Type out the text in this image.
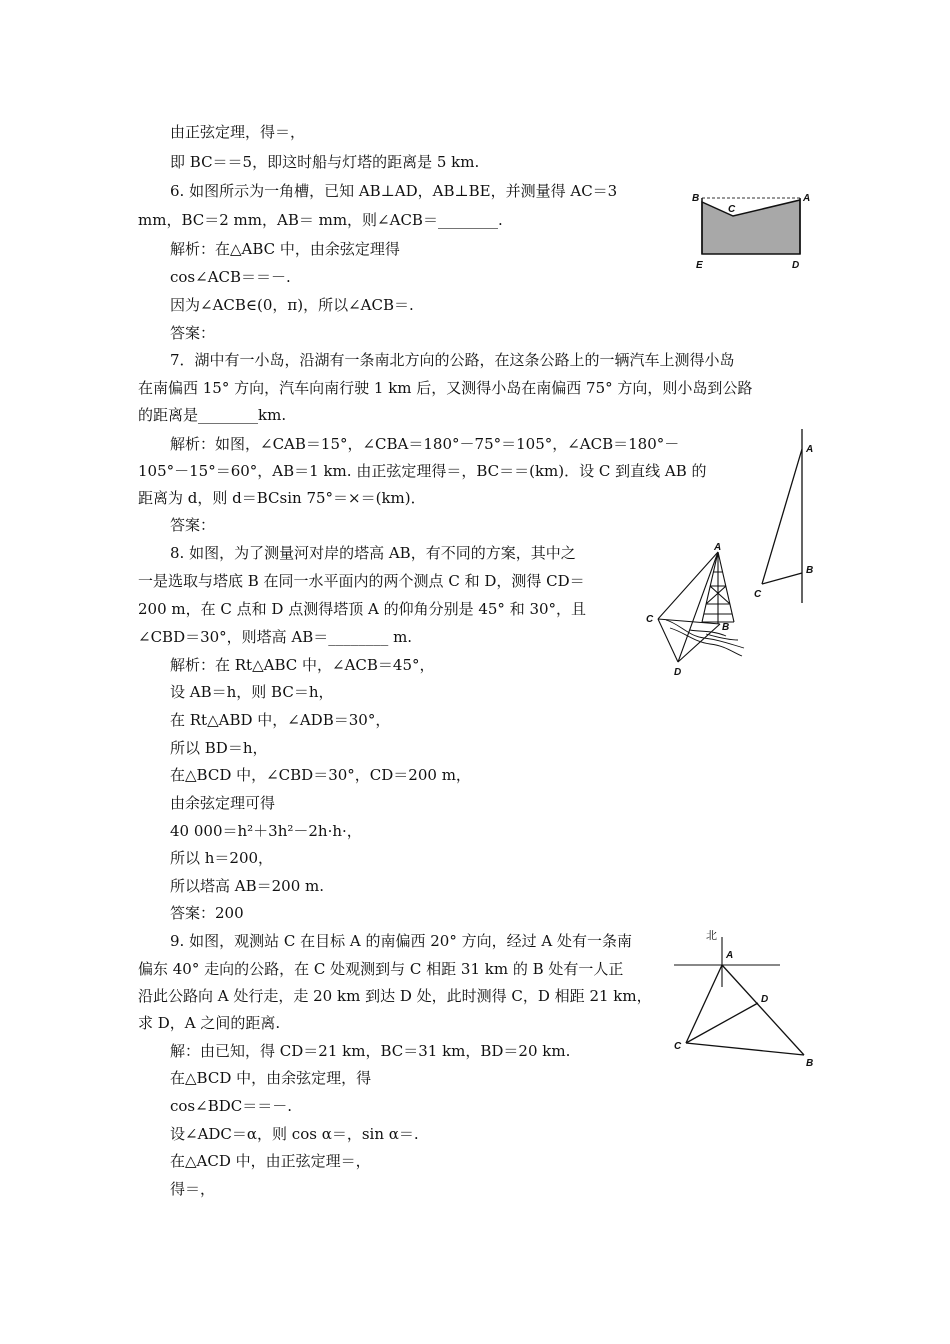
由正弦定理，得＝，
即 BC＝＝5，即这时船与灯塔的距离是 5 km.
6. 如图所示为一角槽，已知 AB⊥AD，AB⊥BE，并测量得 AC＝3
mm，BC＝2 mm，AB＝ mm，则∠ACB＝________.
解析：在△ABC 中，由余弦定理得
cos∠ACB＝＝－.
因为∠ACB∈(0，π)，所以∠ACB＝.
答案：
7．湖中有一小岛，沿湖有一条南北方向的公路，在这条公路上的一辆汽车上测得小岛
在南偏西 15° 方向，汽车向南行驶 1 km 后，又测得小岛在南偏西 75° 方向，则小岛到公路
的距离是________km.
解析：如图，∠CAB＝15°，∠CBA＝180°－75°＝105°，∠ACB＝180°－
105°－15°＝60°，AB＝1 km. 由正弦定理得＝，BC＝＝(km)．设 C 到直线 AB 的
距离为 d，则 d＝BCsin 75°＝×＝(km)．
答案：
8. 如图，为了测量河对岸的塔高 AB，有不同的方案，其中之
一是选取与塔底 B 在同一水平面内的两个测点 C 和 D，测得 CD＝
200 m，在 C 点和 D 点测得塔顶 A 的仰角分别是 45° 和 30°，且
∠CBD＝30°，则塔高 AB＝________ m.
解析：在 Rt△ABC 中，∠ACB＝45°，
设 AB＝h，则 BC＝h，
在 Rt△ABD 中，∠ADB＝30°，
所以 BD＝h，
在△BCD 中，∠CBD＝30°，CD＝200 m，
由余弦定理可得
40 000＝h²＋3h²－2h·h·，
所以 h＝200，
所以塔高 AB＝200 m.
答案：200
9. 如图，观测站 C 在目标 A 的南偏西 20° 方向，经过 A 处有一条南
偏东 40° 走向的公路，在 C 处观测到与 C 相距 31 km 的 B 处有一人正
沿此公路向 A 处行走，走 20 km 到达 D 处，此时测得 C，D 相距 21 km，
求 D，A 之间的距离.
解：由已知，得 CD＝21 km，BC＝31 km，BD＝20 km.
在△BCD 中，由余弦定理，得
cos∠BDC＝＝－.
设∠ADC＝α，则 cos α＝，sin α＝.
在△ACD 中，由正弦定理＝，
得＝，
B
C
A
E	D
A
B
C
A
B
C
D
北
A
D
C
B
